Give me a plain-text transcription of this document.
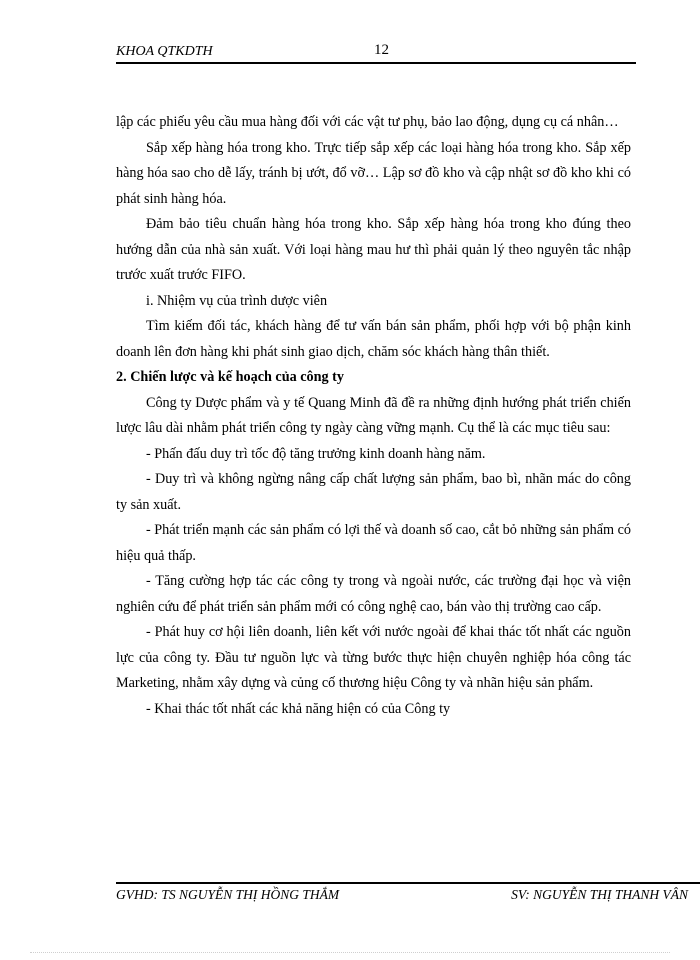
KHOA QTKDTH	12

lập các phiếu yêu cầu mua hàng đối với các vật tư phụ, bảo lao động, dụng cụ cá nhân…

Sắp xếp hàng hóa trong kho. Trực tiếp sắp xếp các loại hàng hóa trong kho. Sắp xếp hàng hóa sao cho dễ lấy, tránh bị ướt, đổ vỡ… Lập sơ đồ kho và cập nhật sơ đồ kho khi có phát sinh hàng hóa.

Đảm bảo tiêu chuẩn hàng hóa trong kho. Sắp xếp hàng hóa trong kho đúng theo hướng dẫn của nhà sản xuất. Với loại hàng mau hư thì phải quản lý theo nguyên tắc nhập trước xuất trước FIFO.

i. Nhiệm vụ của trình dược viên

Tìm kiếm đối tác, khách hàng để tư vấn bán sản phẩm, phối hợp với bộ phận kinh doanh lên đơn hàng khi phát sinh giao dịch, chăm sóc khách hàng thân thiết.

2. Chiến lược và kế hoạch của công ty

Công ty Dược phẩm và y tế Quang Minh đã đề ra những định hướng phát triển chiến lược lâu dài nhằm phát triển công ty ngày càng vững mạnh. Cụ thể là các mục tiêu sau:

- Phấn đấu duy trì tốc độ tăng trưởng kinh doanh hàng năm.

- Duy trì và không ngừng nâng cấp chất lượng sản phẩm, bao bì, nhãn mác do công ty sản xuất.

- Phát triển mạnh các sản phẩm có lợi thế và doanh số cao, cắt bỏ những sản phẩm có hiệu quả thấp.

- Tăng cường hợp tác các công ty trong và ngoài nước, các trường đại học và viện nghiên cứu để phát triển sản phẩm mới có công nghệ cao, bán vào thị trường cao cấp.

- Phát huy cơ hội liên doanh, liên kết với nước ngoài để khai thác tốt nhất các nguồn lực của công ty. Đầu tư nguồn lực và từng bước thực hiện chuyên nghiệp hóa công tác Marketing, nhằm xây dựng và củng cố thương hiệu Công ty và nhãn hiệu sản phẩm.

- Khai thác tốt nhất các khả năng hiện có của Công ty

GVHD: TS NGUYỄN THỊ HỒNG THẮM	SV: NGUYỄN THỊ THANH VÂN
